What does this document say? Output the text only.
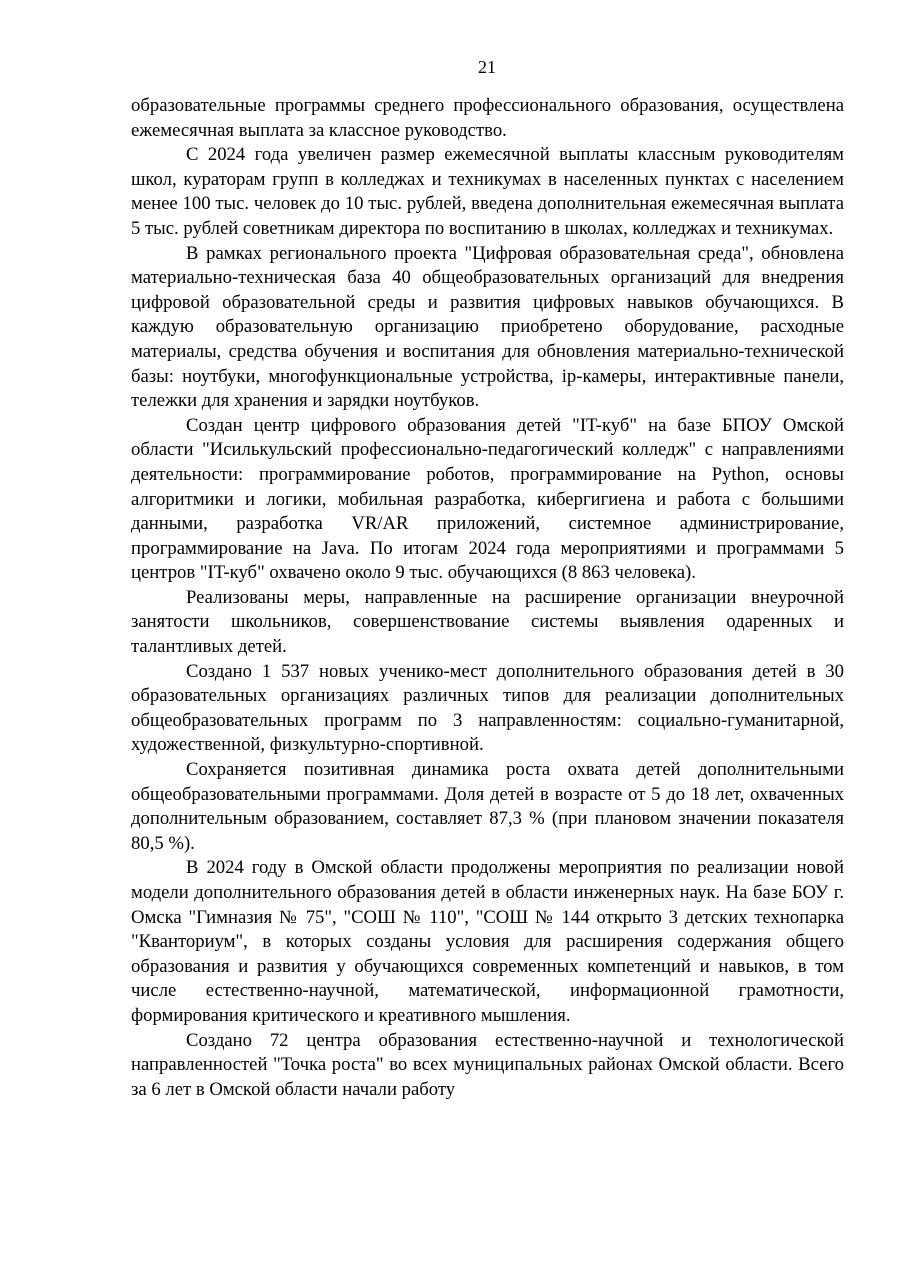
21

образовательные программы среднего профессионального образования, осуществлена ежемесячная выплата за классное руководство.

С 2024 года увеличен размер ежемесячной выплаты классным руководителям школ, кураторам групп в колледжах и техникумах в населенных пунктах с населением менее 100 тыс. человек до 10 тыс. рублей, введена дополнительная ежемесячная выплата 5 тыс. рублей советникам директора по воспитанию в школах, колледжах и техникумах.

В рамках регионального проекта "Цифровая образовательная среда", обновлена материально-техническая база 40 общеобразовательных организаций для внедрения цифровой образовательной среды и развития цифровых навыков обучающихся. В каждую образовательную организацию приобретено оборудование, расходные материалы, средства обучения и воспитания для обновления материально-технической базы: ноутбуки, многофункциональные устройства, ip-камеры, интерактивные панели, тележки для хранения и зарядки ноутбуков.

Создан центр цифрового образования детей "IT-куб" на базе БПОУ Омской области "Исилькульский профессионально-педагогический колледж" с направлениями деятельности: программирование роботов, программирование на Python, основы алгоритмики и логики, мобильная разработка, кибергигиена и работа с большими данными, разработка VR/AR приложений, системное администрирование, программирование на Java. По итогам 2024 года мероприятиями и программами 5 центров "IT-куб" охвачено около 9 тыс. обучающихся (8 863 человека).

Реализованы меры, направленные на расширение организации внеурочной занятости школьников, совершенствование системы выявления одаренных и талантливых детей.

Создано 1 537 новых ученико-мест дополнительного образования детей в 30 образовательных организациях различных типов для реализации дополнительных общеобразовательных программ по 3 направленностям: социально-гуманитарной, художественной, физкультурно-спортивной.

Сохраняется позитивная динамика роста охвата детей дополнительными общеобразовательными программами. Доля детей в возрасте от 5 до 18 лет, охваченных дополнительным образованием, составляет 87,3 % (при плановом значении показателя 80,5 %).

В 2024 году в Омской области продолжены мероприятия по реализации новой модели дополнительного образования детей в области инженерных наук. На базе БОУ г. Омска "Гимназия № 75", "СОШ № 110", "СОШ № 144 открыто 3 детских технопарка "Кванториум", в которых созданы условия для расширения содержания общего образования и развития у обучающихся современных компетенций и навыков, в том числе естественно-научной, математической, информационной грамотности, формирования критического и креативного мышления.

Создано 72 центра образования естественно-научной и технологической направленностей "Точка роста" во всех муниципальных районах Омской области. Всего за 6 лет в Омской области начали работу
